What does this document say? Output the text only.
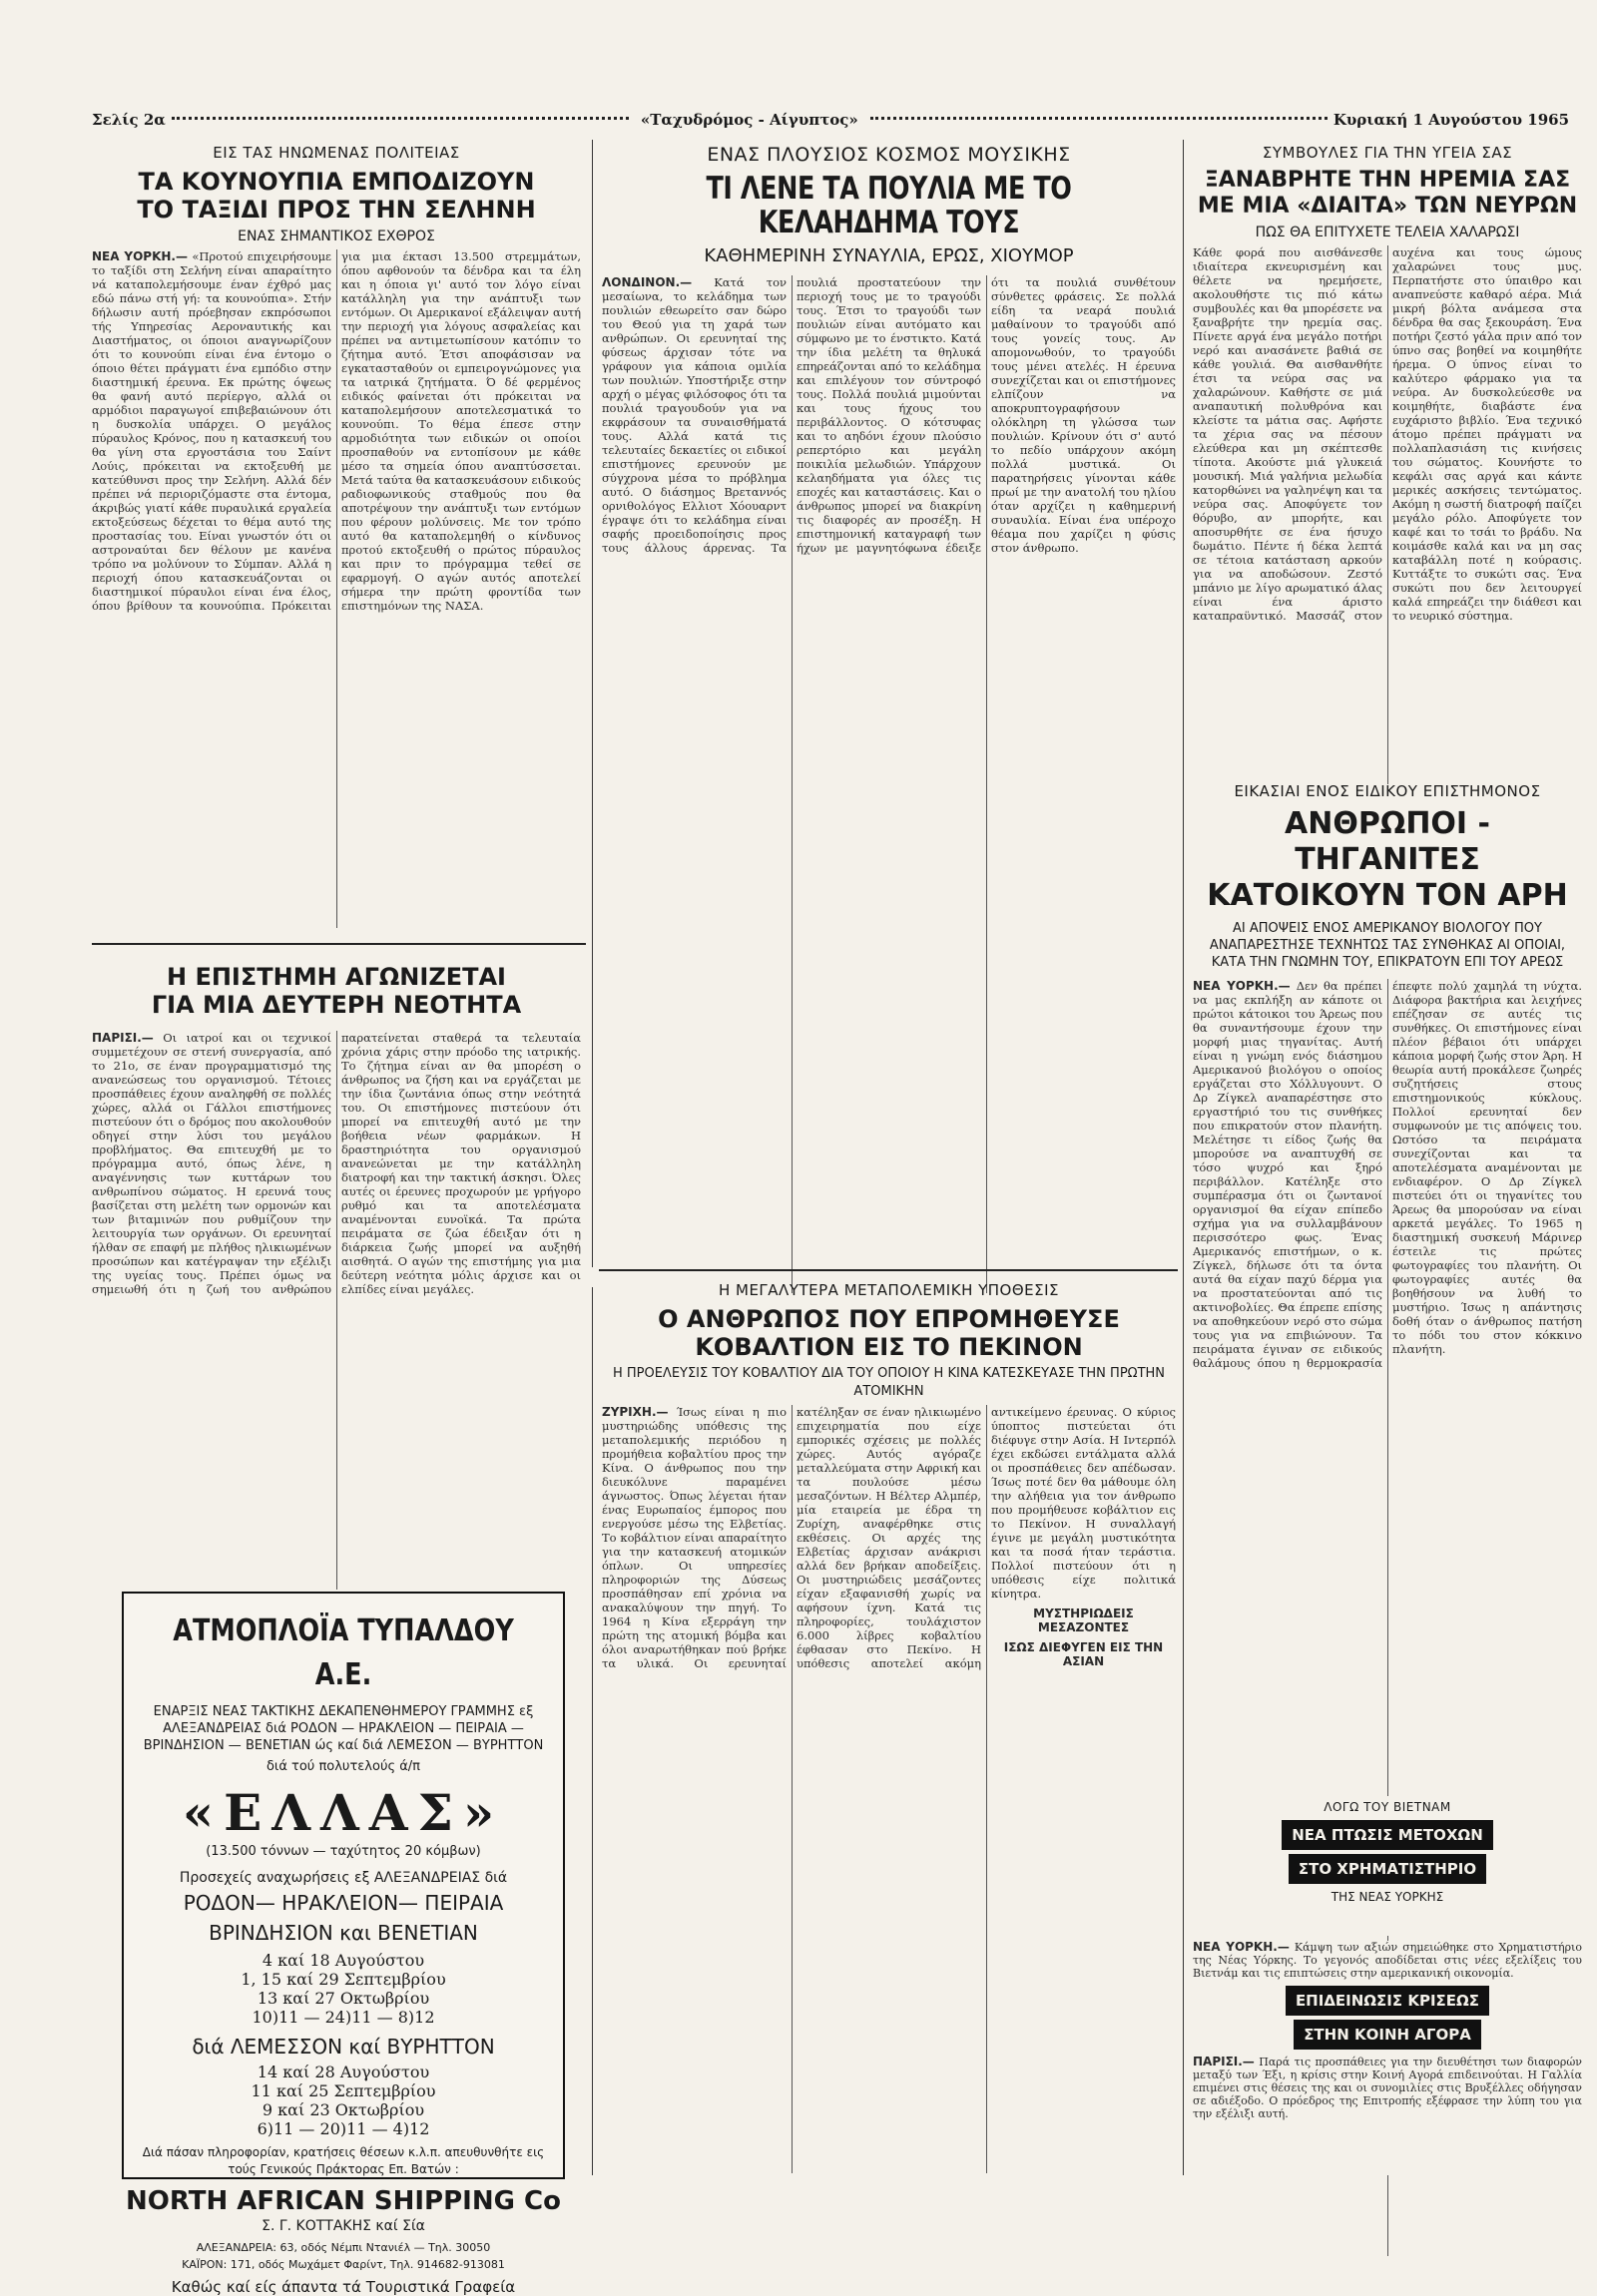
Σελίς 2α	«Ταχυδρόμος - Αίγυπτος»	Κυριακή 1 Αυγούστου 1965
ΕΙΣ ΤΑΣ ΗΝΩΜΕΝΑΣ ΠΟΛΙΤΕΙΑΣ
ΤΑ ΚΟΥΝΟΥΠΙΑ ΕΜΠΟΔΙΖΟΥΝ
ΤΟ ΤΑΞΙΔΙ ΠΡΟΣ ΤΗΝ ΣΕΛΗΝΗ
ΕΝΑΣ ΣΗΜΑΝΤΙΚΟΣ ΕΧΘΡΟΣ
ΝΕΑ ΥΟΡΚΗ.— «Προτού επιχειρήσουμε το ταξίδι στη Σελήνη είναι απαραίτητο νά καταπολεμήσουμε έναν έχθρό μας εδώ πάνω στή γή: τα κουνούπια». Στήν δήλωσιν αυτή πρόεβησαν εκπρόσωποι τής Υπηρεσίας Αεροναυτικής και Διαστήματος, οι όποιοι αναγνωρίζουν ότι το κουνούπι είναι ένα έντομο ο όποιο θέτει πράγματι ένα εμπόδιο στην διαστημική έρευνα. Εκ πρώτης όψεως θα φανή αυτό περίεργο, αλλά οι αρμόδιοι παραγωγοί επιβεβαιώνουν ότι η δυσκολία υπάρχει. Ο μεγάλος πύραυλος Κρόνος, που η κατασκευή του θα γίνη στα εργοστάσια του Σαίντ Λούις, πρόκειται να εκτοξευθή με κατεύθυνσι προς την Σελήνη. Αλλά δέν πρέπει νά περιοριζόμαστε στα έντομα, άκριβώς γιατί κάθε πυραυλικά εργαλεία εκτοξεύσεως δέχεται το θέμα αυτό της προστασίας του. Είναι γνωστόν ότι οι αστροναύται δεν θέλουν με κανένα τρόπο να μολύνουν το Σύμπαν. Αλλά η περιοχή όπου κατασκευάζονται οι διαστημικοί πύραυλοι είναι ένα έλος, όπου βρίθουν τα κουνούπια. Πρόκειται για μια έκτασι 13.500 στρεμμάτων, όπου αφθονούν τα δένδρα και τα έλη και η όποια γι' αυτό τον λόγο είναι κατάλληλη για την ανάπτυξι των εντόμων. Οι Αμερικανοί εξάλειψαν αυτή την περιοχή για λόγους ασφαλείας και πρέπει να αντιμετωπίσουν κατόπιν το ζήτημα αυτό. Έτσι αποφάσισαν να εγκατασταθούν οι εμπειρογνώμονες για τα ιατρικά ζητήματα. Ό δέ φερμένος ειδικός φαίνεται ότι πρόκειται να καταπολεμήσουν αποτελεσματικά το κουνούπι. Το θέμα έπεσε στην αρμοδιότητα των ειδικών οι οποίοι προσπαθούν να εντοπίσουν με κάθε μέσο τα σημεία όπου αναπτύσσεται. Μετά ταύτα θα κατασκευάσουν ειδικούς ραδιοφωνικούς σταθμούς που θα αποτρέψουν την ανάπτυξι των εντόμων που φέρουν μολύνσεις. Με τον τρόπο αυτό θα καταπολεμηθή ο κίνδυνος προτού εκτοξευθή ο πρώτος πύραυλος και πριν το πρόγραμμα τεθεί σε εφαρμογή. Ο αγών αυτός αποτελεί σήμερα την πρώτη φροντίδα των επιστημόνων της ΝΑΣΑ.
Η ΕΠΙΣΤΗΜΗ ΑΓΩΝΙΖΕΤΑΙ
ΓΙΑ ΜΙΑ ΔΕΥΤΕΡΗ ΝΕΟΤΗΤΑ
ΠΑΡΙΣΙ.— Οι ιατροί και οι τεχνικοί συμμετέχουν σε στενή συνεργασία, από το 21ο, σε έναν προγραμματισμό της ανανεώσεως του οργανισμού. Τέτοιες προσπάθειες έχουν αναληφθή σε πολλές χώρες, αλλά οι Γάλλοι επιστήμονες πιστεύουν ότι ο δρόμος που ακολουθούν οδηγεί στην λύσι του μεγάλου προβλήματος. Θα επιτευχθή με το πρόγραμμα αυτό, όπως λένε, η αναγέννησις των κυττάρων του ανθρωπίνου σώματος. Η ερευνά τους βασίζεται στη μελέτη των ορμονών και των βιταμινών που ρυθμίζουν την λειτουργία των οργάνων. Οι ερευνηταί ήλθαν σε επαφή με πλήθος ηλικιωμένων προσώπων και κατέγραψαν την εξέλιξι της υγείας τους. Πρέπει όμως να σημειωθή ότι η ζωή του ανθρώπου παρατείνεται σταθερά τα τελευταία χρόνια χάρις στην πρόοδο της ιατρικής. Το ζήτημα είναι αν θα μπορέση ο άνθρωπος να ζήση και να εργάζεται με την ίδια ζωντάνια όπως στην νεότητά του. Οι επιστήμονες πιστεύουν ότι μπορεί να επιτευχθή αυτό με την βοήθεια νέων φαρμάκων. Η δραστηριότητα του οργανισμού ανανεώνεται με την κατάλληλη διατροφή και την τακτική άσκησι. Όλες αυτές οι έρευνες προχωρούν με γρήγορο ρυθμό και τα αποτελέσματα αναμένονται ευνοϊκά. Τα πρώτα πειράματα σε ζώα έδειξαν ότι η διάρκεια ζωής μπορεί να αυξηθή αισθητά. Ο αγών της επιστήμης για μια δεύτερη νεότητα μόλις άρχισε και οι ελπίδες είναι μεγάλες.
ΑΤΜΟΠΛΟΪΑ ΤΥΠΑΛΔΟΥ Α.Ε.
ΕΝΑΡΞΙΣ ΝΕΑΣ ΤΑΚΤΙΚΗΣ ΔΕΚΑΠΕΝΘΗΜΕΡΟΥ ΓΡΑΜΜΗΣ εξ ΑΛΕΞΑΝΔΡΕΙΑΣ διά ΡΟΔΟΝ — ΗΡΑΚΛΕΙΟΝ — ΠΕΙΡΑΙΑ — ΒΡΙΝΔΗΣΙΟΝ — ΒΕΝΕΤΙΑΝ ώς καί διά ΛΕΜΕΣΟΝ — ΒΥΡΗΤΤΟΝ
διά τού πολυτελούς ά/π
«ΕΛΛΑΣ»
(13.500 τόννων — ταχύτητος 20 κόμβων)
Προσεχείς αναχωρήσεις εξ ΑΛΕΞΑΝΔΡΕΙΑΣ διά
ΡΟΔΟΝ— ΗΡΑΚΛΕΙΟΝ— ΠΕΙΡΑΙΑ
ΒΡΙΝΔΗΣΙΟΝ και ΒΕΝΕΤΙΑΝ
4 καί 18 Αυγούστου
1, 15 καί 29 Σεπτεμβρίου
13 καί 27 Οκτωβρίου
10)11 — 24)11 — 8)12
διά ΛΕΜΕΣΣΟΝ καί ΒΥΡΗΤΤΟΝ
14 καί 28 Αυγούστου
11 καί 25 Σεπτεμβρίου
9 καί 23 Οκτωβρίου
6)11 — 20)11 — 4)12
Διά πάσαν πληροφορίαν, κρατήσεις θέσεων κ.λ.π. απευθυνθήτε εις τούς Γενικούς Πράκτορας Επ. Βατών :
NORTH AFRICAN SHIPPING Co
Σ. Γ. ΚΟΤΤΑΚΗΣ καί Σία
ΑΛΕΞΑΝΔΡΕΙΑ: 63, οδός Νέμπι Ντανιέλ — Τηλ. 30050
ΚΑΪΡΟΝ: 171, οδός Μωχάμετ Φαρίντ, Τηλ. 914682-913081
Καθώς καί είς άπαντα τά Τουριστικά Γραφεία
ΕΝΑΣ ΠΛΟΥΣΙΟΣ ΚΟΣΜΟΣ ΜΟΥΣΙΚΗΣ
ΤΙ ΛΕΝΕ ΤΑ ΠΟΥΛΙΑ ΜΕ ΤΟ ΚΕΛΑΗΔΗΜΑ ΤΟΥΣ
ΚΑΘΗΜΕΡΙΝΗ ΣΥΝΑΥΛΙΑ, ΕΡΩΣ, ΧΙΟΥΜΟΡ
ΛΟΝΔΙΝΟΝ.— Κατά τον μεσαίωνα, το κελάδημα των πουλιών εθεωρείτο σαν δώρο του Θεού για τη χαρά των ανθρώπων. Οι ερευνηταί της φύσεως άρχισαν τότε να γράφουν για κάποια ομιλία των πουλιών. Υποστήριξε στην αρχή ο μέγας φιλόσοφος ότι τα πουλιά τραγουδούν για να εκφράσουν τα συναισθήματά τους. Αλλά κατά τις τελευταίες δεκαετίες οι ειδικοί επιστήμονες ερευνούν με σύγχρονα μέσα το πρόβλημα αυτό. Ο διάσημος Βρεταννός ορνιθολόγος Ελλιοτ Χόουαρντ έγραψε ότι το κελάδημα είναι σαφής προειδοποίησις προς τους άλλους άρρενας. Τα πουλιά προστατεύουν την περιοχή τους με το τραγούδι τους. Έτσι το τραγούδι των πουλιών είναι αυτόματο και σύμφωνο με το ένστικτο. Κατά την ίδια μελέτη τα θηλυκά επηρεάζονται από το κελάδημα και επιλέγουν τον σύντροφό τους. Πολλά πουλιά μιμούνται και τους ήχους του περιβάλλοντος. Ο κότσυφας και το αηδόνι έχουν πλούσιο ρεπερτόριο και μεγάλη ποικιλία μελωδιών. Υπάρχουν κελαηδήματα για όλες τις εποχές και καταστάσεις. Και ο άνθρωπος μπορεί να διακρίνη τις διαφορές αν προσέξη. Η επιστημονική καταγραφή των ήχων με μαγνητόφωνα έδειξε ότι τα πουλιά συνθέτουν σύνθετες φράσεις. Σε πολλά είδη τα νεαρά πουλιά μαθαίνουν το τραγούδι από τους γονείς τους. Αν απομονωθούν, το τραγούδι τους μένει ατελές. Η έρευνα συνεχίζεται και οι επιστήμονες ελπίζουν να αποκρυπτογραφήσουν ολόκληρη τη γλώσσα των πουλιών. Κρίνουν ότι σ' αυτό το πεδίο υπάρχουν ακόμη πολλά μυστικά. Οι παρατηρήσεις γίνονται κάθε πρωί με την ανατολή του ηλίου όταν αρχίζει η καθημερινή συναυλία. Είναι ένα υπέροχο θέαμα που χαρίζει η φύσις στον άνθρωπο.
Η ΜΕΓΑΛΥΤΕΡΑ ΜΕΤΑΠΟΛΕΜΙΚΗ ΥΠΟΘΕΣΙΣ
Ο ΑΝΘΡΩΠΟΣ ΠΟΥ ΕΠΡΟΜΗΘΕΥΣΕ
ΚΟΒΑΛΤΙΟΝ ΕΙΣ ΤΟ ΠΕΚΙΝΟΝ
Η ΠΡΟΕΛΕΥΣΙΣ ΤΟΥ ΚΟΒΑΛΤΙΟΥ ΔΙΑ ΤΟΥ ΟΠΟΙΟΥ Η ΚΙΝΑ ΚΑΤΕΣΚΕΥΑΣΕ ΤΗΝ ΠΡΩΤΗΝ ΑΤΟΜΙΚΗΝ
ΖΥΡΙΧΗ.— Ίσως είναι η πιο μυστηριώδης υπόθεσις της μεταπολεμικής περιόδου η προμήθεια κοβαλτίου προς την Κίνα. Ο άνθρωπος που την διευκόλυνε παραμένει άγνωστος. Όπως λέγεται ήταν ένας Ευρωπαίος έμπορος που ενεργούσε μέσω της Ελβετίας. Το κοβάλτιον είναι απαραίτητο για την κατασκευή ατομικών όπλων. Οι υπηρεσίες πληροφοριών της Δύσεως προσπάθησαν επί χρόνια να ανακαλύψουν την πηγή. Το 1964 η Κίνα εξερράγη την πρώτη της ατομική βόμβα και όλοι αναρωτήθηκαν πού βρήκε τα υλικά. Οι ερευνηταί κατέληξαν σε έναν ηλικιωμένο επιχειρηματία που είχε εμπορικές σχέσεις με πολλές χώρες. Αυτός αγόραζε μεταλλεύματα στην Αφρική και τα πουλούσε μέσω μεσαζόντων. Η Βέλτερ Αλμπέρ, μία εταιρεία με έδρα τη Ζυρίχη, αναφέρθηκε στις εκθέσεις. Οι αρχές της Ελβετίας άρχισαν ανάκρισι αλλά δεν βρήκαν αποδείξεις. Οι μυστηριώδεις μεσάζοντες είχαν εξαφανισθή χωρίς να αφήσουν ίχνη. Κατά τις πληροφορίες, τουλάχιστον 6.000 λίβρες κοβαλτίου έφθασαν στο Πεκίνο. Η υπόθεσις αποτελεί ακόμη αντικείμενο έρευνας. Ο κύριος ύποπτος πιστεύεται ότι διέφυγε στην Ασία. Η Ιντερπόλ έχει εκδώσει εντάλματα αλλά οι προσπάθειες δεν απέδωσαν. Ίσως ποτέ δεν θα μάθουμε όλη την αλήθεια για τον άνθρωπο που προμήθευσε κοβάλτιον εις το Πεκίνον. Η συναλλαγή έγινε με μεγάλη μυστικότητα και τα ποσά ήταν τεράστια. Πολλοί πιστεύουν ότι η υπόθεσις είχε πολιτικά κίνητρα.
ΜΥΣΤΗΡΙΩΔΕΙΣ ΜΕΣΑΖΟΝΤΕΣ
ΙΣΩΣ ΔΙΕΦΥΓΕΝ ΕΙΣ ΤΗΝ ΑΣΙΑΝ
ΕΙΚΑΣΙΑΙ ΕΝΟΣ ΕΙΔΙΚΟΥ ΕΠΙΣΤΗΜΟΝΟΣ
ΑΝΘΡΩΠΟΙ - ΤΗΓΑΝΙΤΕΣ
ΚΑΤΟΙΚΟΥΝ ΤΟΝ ΑΡΗ
ΑΙ ΑΠΟΨΕΙΣ ΕΝΟΣ ΑΜΕΡΙΚΑΝΟΥ ΒΙΟΛΟΓΟΥ ΠΟΥ ΑΝΑΠΑΡΕΣΤΗΣΕ ΤΕΧΝΗΤΩΣ ΤΑΣ ΣΥΝΘΗΚΑΣ ΑΙ ΟΠΟΙΑΙ, ΚΑΤΑ ΤΗΝ ΓΝΩΜΗΝ ΤΟΥ, ΕΠΙΚΡΑΤΟΥΝ ΕΠΙ ΤΟΥ ΑΡΕΩΣ
ΝΕΑ ΥΟΡΚΗ.— Δεν θα πρέπει να μας εκπλήξη αν κάποτε οι πρώτοι κάτοικοι του Άρεως που θα συναντήσουμε έχουν την μορφή μιας τηγανίτας. Αυτή είναι η γνώμη ενός διάσημου Αμερικανού βιολόγου ο οποίος εργάζεται στο Χόλλυγουντ. Ο Δρ Ζίγκελ αναπαρέστησε στο εργαστήριό του τις συνθήκες που επικρατούν στον πλανήτη. Μελέτησε τι είδος ζωής θα μπορούσε να αναπτυχθή σε τόσο ψυχρό και ξηρό περιβάλλον. Κατέληξε στο συμπέρασμα ότι οι ζωντανοί οργανισμοί θα είχαν επίπεδο σχήμα για να συλλαμβάνουν περισσότερο φως. Ένας Αμερικανός επιστήμων, ο κ. Ζίγκελ, δήλωσε ότι τα όντα αυτά θα είχαν παχύ δέρμα για να προστατεύονται από τις ακτινοβολίες. Θα έπρεπε επίσης να αποθηκεύουν νερό στο σώμα τους για να επιβιώνουν. Τα πειράματα έγιναν σε ειδικούς θαλάμους όπου η θερμοκρασία έπεφτε πολύ χαμηλά τη νύχτα. Διάφορα βακτήρια και λειχήνες επέζησαν σε αυτές τις συνθήκες. Οι επιστήμονες είναι πλέον βέβαιοι ότι υπάρχει κάποια μορφή ζωής στον Άρη. Η θεωρία αυτή προκάλεσε ζωηρές συζητήσεις στους επιστημονικούς κύκλους. Πολλοί ερευνηταί δεν συμφωνούν με τις απόψεις του. Ωστόσο τα πειράματα συνεχίζονται και τα αποτελέσματα αναμένονται με ενδιαφέρον. Ο Δρ Ζίγκελ πιστεύει ότι οι τηγανίτες του Άρεως θα μπορούσαν να είναι αρκετά μεγάλες. Το 1965 η διαστημική συσκευή Μάρινερ έστειλε τις πρώτες φωτογραφίες του πλανήτη. Οι φωτογραφίες αυτές θα βοηθήσουν να λυθή το μυστήριο. Ίσως η απάντησις δοθή όταν ο άνθρωπος πατήση το πόδι του στον κόκκινο πλανήτη.
ΣΥΜΒΟΥΛΕΣ ΓΙΑ ΤΗΝ ΥΓΕΙΑ ΣΑΣ
ΞΑΝΑΒΡΗΤΕ ΤΗΝ ΗΡΕΜΙΑ ΣΑΣ
ΜΕ ΜΙΑ «ΔΙΑΙΤΑ» ΤΩΝ ΝΕΥΡΩΝ
ΠΩΣ ΘΑ ΕΠΙΤΥΧΕΤΕ ΤΕΛΕΙΑ ΧΑΛΑΡΩΣΙ
Κάθε φορά που αισθάνεσθε ιδιαίτερα εκνευρισμένη και θέλετε να ηρεμήσετε, ακολουθήστε τις πιό κάτω συμβουλές και θα μπορέσετε να ξαναβρήτε την ηρεμία σας. Πίνετε αργά ένα μεγάλο ποτήρι νερό και ανασάνετε βαθιά σε κάθε γουλιά. Θα αισθανθήτε έτσι τα νεύρα σας να χαλαρώνουν. Καθήστε σε μιά αναπαυτική πολυθρόνα και κλείστε τα μάτια σας. Αφήστε τα χέρια σας να πέσουν ελεύθερα και μη σκέπτεσθε τίποτα. Ακούστε μιά γλυκειά μουσική. Μιά γαλήνια μελωδία κατορθώνει να γαληνέψη και τα νεύρα σας. Αποφύγετε τον θόρυβο, αν μπορήτε, και αποσυρθήτε σε ένα ήσυχο δωμάτιο. Πέντε ή δέκα λεπτά σε τέτοια κατάσταση αρκούν για να αποδώσουν. Ζεστό μπάνιο με λίγο αρωματικό άλας είναι ένα άριστο καταπραϋντικό. Μασσάζ στον αυχένα και τους ώμους χαλαρώνει τους μυς. Περπατήστε στο ύπαιθρο και αναπνεύστε καθαρό αέρα. Μιά μικρή βόλτα ανάμεσα στα δένδρα θα σας ξεκουράση. Ένα ποτήρι ζεστό γάλα πριν από τον ύπνο σας βοηθεί να κοιμηθήτε ήρεμα. Ο ύπνος είναι το καλύτερο φάρμακο για τα νεύρα. Αν δυσκολεύεσθε να κοιμηθήτε, διαβάστε ένα ευχάριστο βιβλίο. Ένα τεχνικό άτομο πρέπει πράγματι να πολλαπλασιάση τις κινήσεις του σώματος. Κουνήστε το κεφάλι σας αργά και κάντε μερικές ασκήσεις τεντώματος. Ακόμη η σωστή διατροφή παίζει μεγάλο ρόλο. Αποφύγετε τον καφέ και το τσάι το βράδυ. Να κοιμάσθε καλά και να μη σας καταβάλλη ποτέ η κούρασις. Κυττάξτε το συκώτι σας. Ένα συκώτι που δεν λειτουργεί καλά επηρεάζει την διάθεσι και το νευρικό σύστημα.
ΛΟΓΩ ΤΟΥ ΒΙΕΤΝΑΜ
ΝΕΑ ΠΤΩΣΙΣ ΜΕΤΟΧΩΝ
ΣΤΟ ΧΡΗΜΑΤΙΣΤΗΡΙΟ
ΤΗΣ ΝΕΑΣ ΥΟΡΚΗΣ
ΝΕΑ ΥΟΡΚΗ.— Κάμψη των αξιών σημειώθηκε στο Χρηματιστήριο της Νέας Υόρκης. Το γεγονός αποδίδεται στις νέες εξελίξεις του Βιετνάμ και τις επιπτώσεις στην αμερικανική οικονομία.
ΕΠΙΔΕΙΝΩΣΙΣ ΚΡΙΣΕΩΣ
ΣΤΗΝ ΚΟΙΝΗ ΑΓΟΡΑ
ΠΑΡΙΣΙ.— Παρά τις προσπάθειες για την διευθέτησι των διαφορών μεταξύ των Έξι, η κρίσις στην Κοινή Αγορά επιδεινούται. Η Γαλλία επιμένει στις θέσεις της και οι συνομιλίες στις Βρυξέλλες οδήγησαν σε αδιέξοδο. Ο πρόεδρος της Επιτροπής εξέφρασε την λύπη του για την εξέλιξι αυτή.
